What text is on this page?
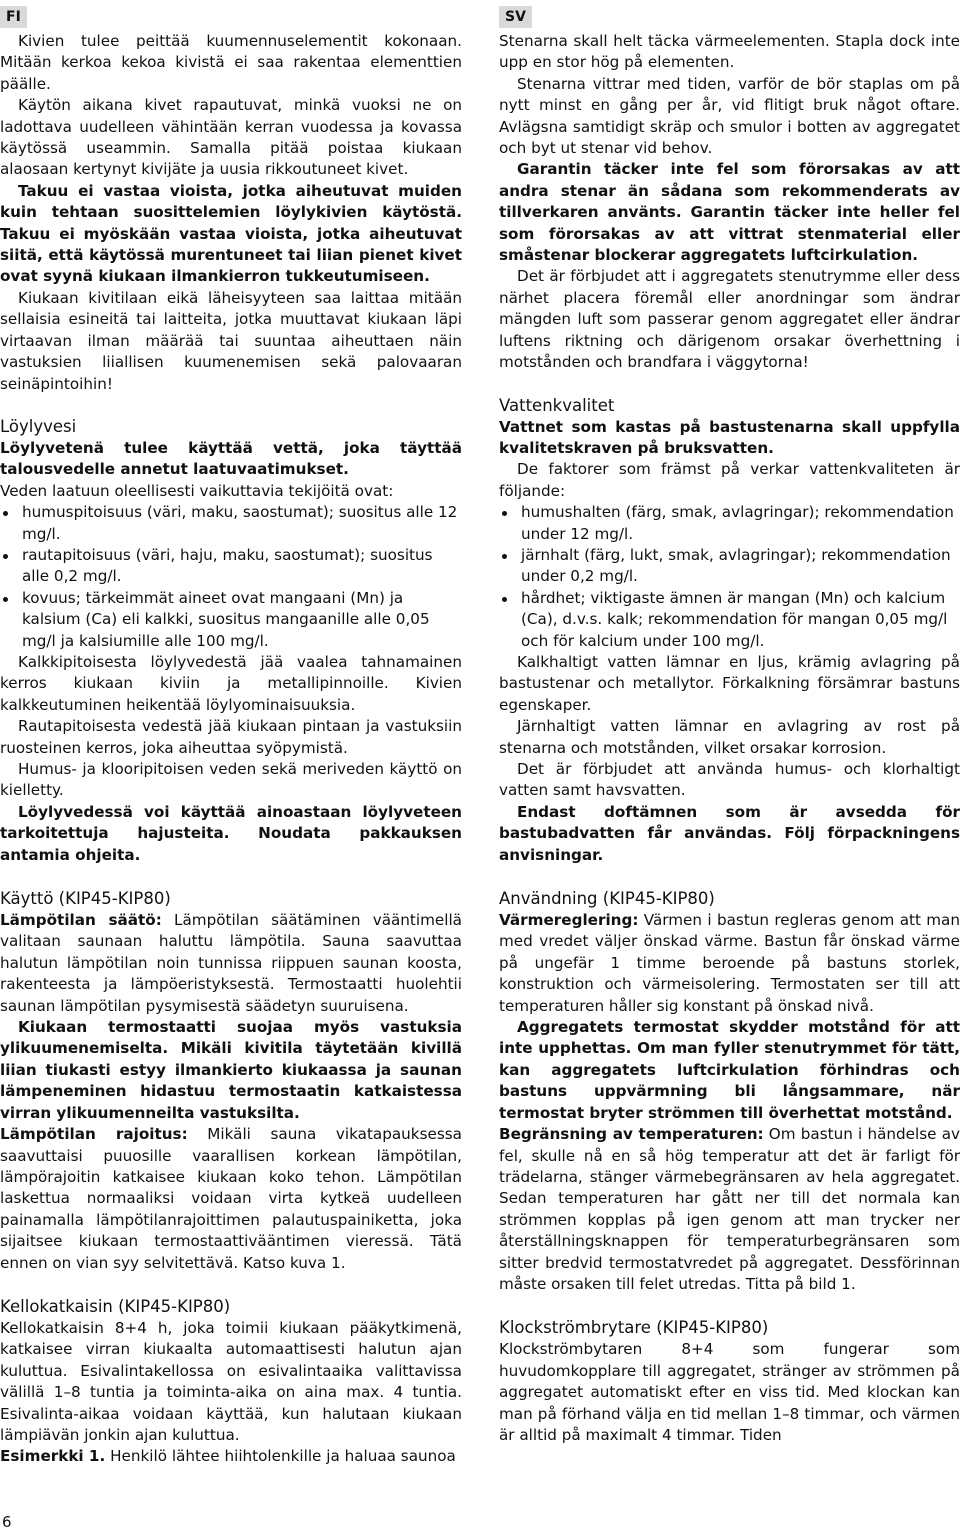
FI

Kivien tulee peittää kuumennuselementit kokonaan. Mitään kerkoa kekoa kivistä ei saa rakentaa elementtien päälle.

Käytön aikana kivet rapautuvat, minkä vuoksi ne on ladottava uudelleen vähintään kerran vuodessa ja kovassa käytössä useammin. Samalla pitää poistaa kiukaan alaosaan kertynyt kivijäte ja uusia rikkoutuneet kivet.

Takuu ei vastaa vioista, jotka aiheutuvat muiden kuin tehtaan suosittelemien löylykivien käytöstä. Takuu ei myöskään vastaa vioista, jotka aiheutuvat siitä, että käytössä murentuneet tai liian pienet kivet ovat syynä kiukaan ilmankierron tukkeutumiseen.

Kiukaan kivitilaan eikä läheisyyteen saa laittaa mitään sellaisia esineitä tai laitteita, jotka muuttavat kiukaan läpi virtaavan ilman määrää tai suuntaa aiheuttaen näin vastuksien liiallisen kuumenemisen sekä palovaaran seinäpintoihin!

Löylyvesi

Löylyvetenä tulee käyttää vettä, joka täyttää talousvedelle annetut laatuvaatimukset.

Veden laatuun oleellisesti vaikuttavia tekijöitä ovat:

humuspitoisuus (väri, maku, saostumat); suositus alle 12 mg/l.
rautapitoisuus (väri, haju, maku, saostumat); suositus alle 0,2 mg/l.
kovuus; tärkeimmät aineet ovat mangaani (Mn) ja kalsium (Ca) eli kalkki, suositus mangaanille alle 0,05 mg/l ja kalsiumille alle 100 mg/l.

Kalkkipitoisesta löylyvedestä jää vaalea tahnamainen kerros kiukaan kiviin ja metallipinnoille. Kivien kalkkeutuminen heikentää löylyominaisuuksia.

Rautapitoisesta vedestä jää kiukaan pintaan ja vastuksiin ruosteinen kerros, joka aiheuttaa syöpymistä.

Humus- ja klooripitoisen veden sekä meriveden käyttö on kielletty.

Löylyvedessä voi käyttää ainoastaan löylyveteen tarkoitettuja hajusteita. Noudata pakkauksen antamia ohjeita.

Käyttö (KIP45-KIP80)

Lämpötilan säätö: Lämpötilan säätäminen vääntimellä valitaan saunaan haluttu lämpötila. Sauna saavuttaa halutun lämpötilan noin tunnissa riippuen saunan koosta, rakenteesta ja lämpöeristyksestä. Termostaatti huolehtii saunan lämpötilan pysymisestä säädetyn suuruisena.

Kiukaan termostaatti suojaa myös vastuksia ylikuumenemiselta. Mikäli kivitila täytetään kivillä liian tiukasti estyy ilmankierto kiukaassa ja saunan lämpeneminen hidastuu termostaatin katkaistessa virran ylikuumenneilta vastuksilta.

Lämpötilan rajoitus: Mikäli sauna vikatapauksessa saavuttaisi puuosille vaarallisen korkean lämpötilan, lämpörajoitin katkaisee kiukaan koko tehon. Lämpötilan laskettua normaaliksi voidaan virta kytkeä uudelleen painamalla lämpötilanrajoittimen palautuspainiketta, joka sijaitsee kiukaan termostaattivääntimen vieressä. Tätä ennen on vian syy selvitettävä. Katso kuva 1.

Kellokatkaisin (KIP45-KIP80)

Kellokatkaisin 8+4 h, joka toimii kiukaan pääkytkimenä, katkaisee virran kiukaalta automaattisesti halutun ajan kuluttua. Esivalintakellossa on esivalintaaika valittavissa välillä 1–8 tuntia ja toiminta-aika on aina max. 4 tuntia. Esivalinta-aikaa voidaan käyttää, kun halutaan kiukaan lämpiävän jonkin ajan kuluttua.

Esimerkki 1. Henkilö lähtee hiihtolenkille ja haluaa saunoa

SV

Stenarna skall helt täcka värmeelementen. Stapla dock inte upp en stor hög på elementen.

Stenarna vittrar med tiden, varför de bör staplas om på nytt minst en gång per år, vid flitigt bruk något oftare. Avlägsna samtidigt skräp och smulor i botten av aggregatet och byt ut stenar vid behov.

Garantin täcker inte fel som förorsakas av att andra stenar än sådana som rekommenderats av tillverkaren använts. Garantin täcker inte heller fel som förorsakas av att vittrat stenmaterial eller småstenar blockerar aggregatets luftcirkulation.

Det är förbjudet att i aggregatets stenutrymme eller dess närhet placera föremål eller anordningar som ändrar mängden luft som passerar genom aggregatet eller ändrar luftens riktning och därigenom orsakar överhettning i motstånden och brandfara i väggytorna!

Vattenkvalitet

Vattnet som kastas på bastustenarna skall uppfylla kvalitetskraven på bruksvatten.

De faktorer som främst på verkar vattenkvaliteten är följande:

humushalten (färg, smak, avlagringar); rekommendation under 12 mg/l.
järnhalt (färg, lukt, smak, avlagringar); rekommendation under 0,2 mg/l.
hårdhet; viktigaste ämnen är mangan (Mn) och kalcium (Ca), d.v.s. kalk; rekommendation för mangan 0,05 mg/l och för kalcium under 100 mg/l.

Kalkhaltigt vatten lämnar en ljus, krämig avlagring på bastustenar och metallytor. Förkalkning försämrar bastuns egenskaper.

Järnhaltigt vatten lämnar en avlagring av rost på stenarna och motstånden, vilket orsakar korrosion.

Det är förbjudet att använda humus- och klorhaltigt vatten samt havsvatten.

Endast doftämnen som är avsedda för bastubadvatten får användas. Följ förpackningens anvisningar.

Användning (KIP45-KIP80)

Värmereglering: Värmen i bastun regleras genom att man med vredet väljer önskad värme. Bastun får önskad värme på ungefär 1 timme beroende på bastuns storlek, konstruktion och värmeisolering. Termostaten ser till att temperaturen håller sig konstant på önskad nivå.

Aggregatets termostat skydder motstånd för att inte upphettas. Om man fyller stenutrymmet för tätt, kan aggregatets luftcirkulation förhindras och bastuns uppvärmning bli långsammare, när termostat bryter strömmen till överhettat motstånd.

Begränsning av temperaturen: Om bastun i händelse av fel, skulle nå en så hög temperatur att det är farligt för trädelarna, stänger värmebegränsaren av hela aggregatet. Sedan temperaturen har gått ner till det normala kan strömmen kopplas på igen genom att man trycker ner återställningsknappen för temperaturbegränsaren som sitter bredvid termostatvredet på aggregatet. Dessförinnan måste orsaken till felet utredas. Titta på bild 1.

Klockströmbrytare (KIP45-KIP80)

Klockströmbytaren 8+4 som fungerar som huvudomkopplare till aggregatet, stränger av strömmen på aggregatet automatiskt efter en viss tid. Med klockan kan man på förhand välja en tid mellan 1–8 timmar, och värmen är alltid på maximalt 4 timmar. Tiden

6
